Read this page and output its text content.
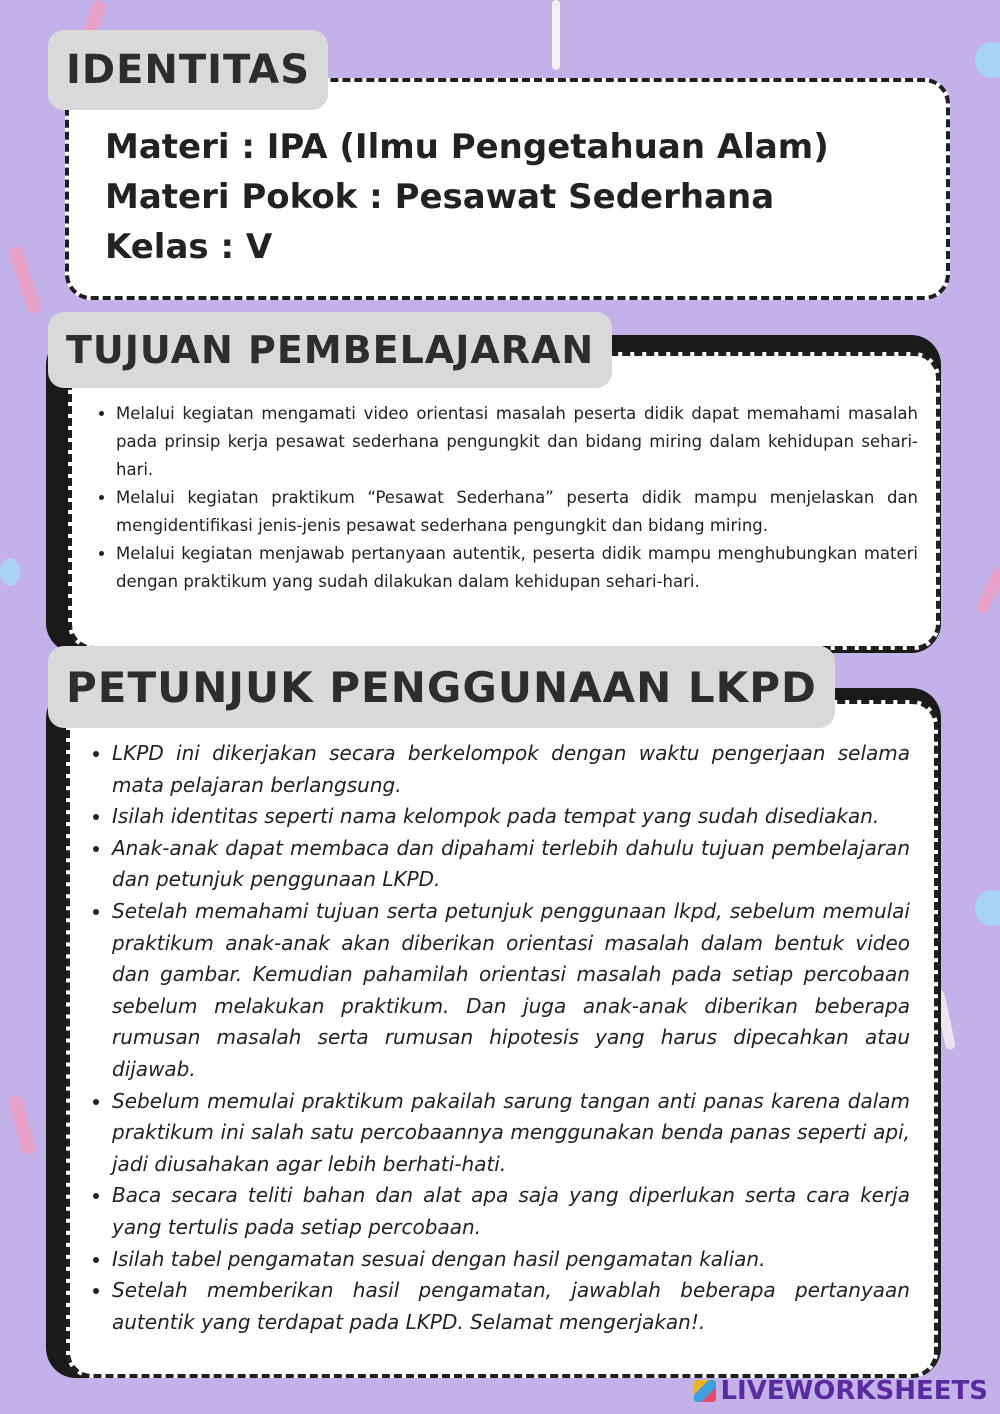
Materi : IPA (Ilmu Pengetahuan Alam)
Materi Pokok : Pesawat Sederhana
Kelas : V
IDENTITAS
• Melalui kegiatan mengamati video orientasi masalah peserta didik dapat memahami masalah pada prinsip kerja pesawat sederhana pengungkit dan bidang miring dalam kehidupan sehari-hari.
• Melalui kegiatan praktikum “Pesawat Sederhana” peserta didik mampu menjelaskan dan mengidentifikasi jenis-jenis pesawat sederhana pengungkit dan bidang miring.
• Melalui kegiatan menjawab pertanyaan autentik, peserta didik mampu menghubungkan materi dengan praktikum yang sudah dilakukan dalam kehidupan sehari-hari.
TUJUAN PEMBELAJARAN
• LKPD ini dikerjakan secara berkelompok dengan waktu pengerjaan selama mata pelajaran berlangsung.
• Isilah identitas seperti nama kelompok pada tempat yang sudah disediakan.
• Anak-anak dapat membaca dan dipahami terlebih dahulu tujuan pembelajaran dan petunjuk penggunaan LKPD.
• Setelah memahami tujuan serta petunjuk penggunaan lkpd, sebelum memulai praktikum anak-anak akan diberikan orientasi masalah dalam bentuk video dan gambar. Kemudian pahamilah orientasi masalah pada setiap percobaan sebelum melakukan praktikum. Dan juga anak-anak diberikan beberapa rumusan masalah serta rumusan hipotesis yang harus dipecahkan atau dijawab.
• Sebelum memulai praktikum pakailah sarung tangan anti panas karena dalam praktikum ini salah satu percobaannya menggunakan benda panas seperti api, jadi diusahakan agar lebih berhati-hati.
• Baca secara teliti bahan dan alat apa saja yang diperlukan serta cara kerja yang tertulis pada setiap percobaan.
• Isilah tabel pengamatan sesuai dengan hasil pengamatan kalian.
• Setelah memberikan hasil pengamatan, jawablah beberapa pertanyaan autentik yang terdapat pada LKPD. Selamat mengerjakan!.
PETUNJUK PENGGUNAAN LKPD
LIVEWORKSHEETS
